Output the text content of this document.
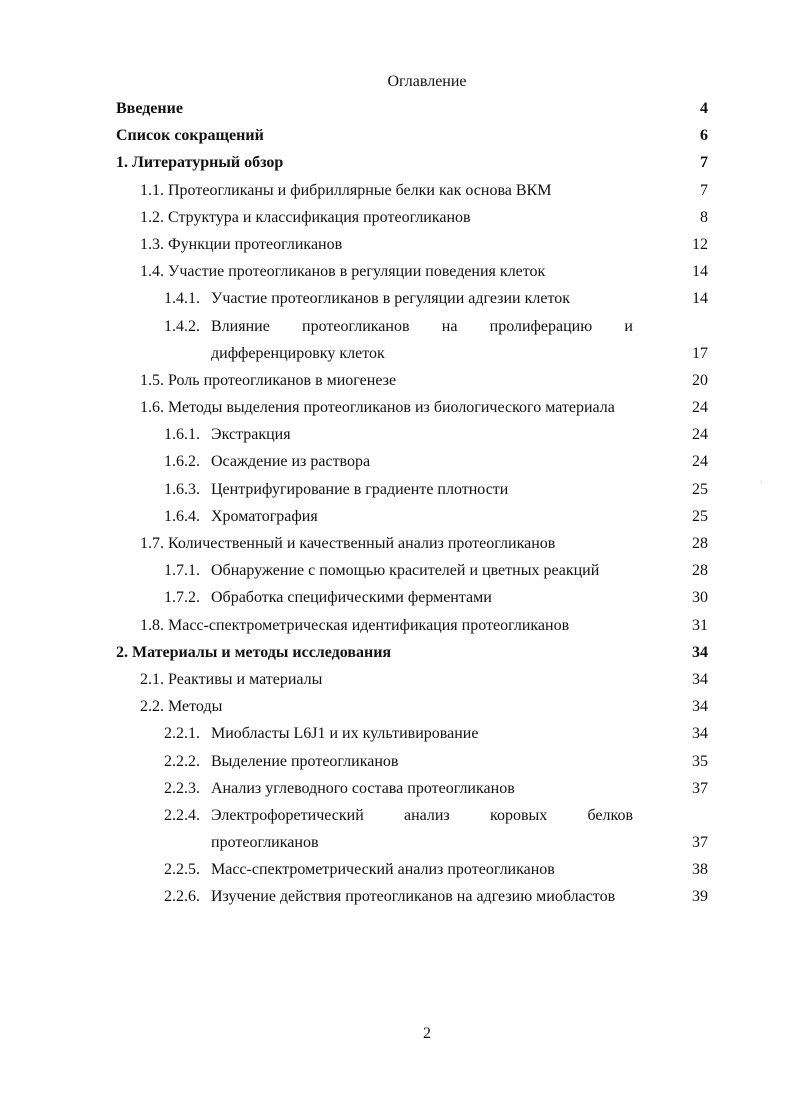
Оглавление
Введение	4
Список сокращений	6
1. Литературный обзор	7
1.1. Протеогликаны и фибриллярные белки как основа ВКМ	7
1.2. Структура и классификация протеогликанов	8
1.3. Функции протеогликанов	12
1.4. Участие протеогликанов в регуляции поведения клеток	14
1.4.1. Участие протеогликанов в регуляции адгезии клеток	14
1.4.2. Влияние протеогликанов на пролиферацию и
дифференцировку клеток	17
1.5. Роль протеогликанов в миогенезе	20
1.6. Методы выделения протеогликанов из биологического материала	24
1.6.1. Экстракция	24
1.6.2. Осаждение из раствора	24
1.6.3. Центрифугирование в градиенте плотности	25
1.6.4. Хроматография	25
1.7. Количественный и качественный анализ протеогликанов	28
1.7.1. Обнаружение с помощью красителей и цветных реакций	28
1.7.2. Обработка специфическими ферментами	30
1.8. Масс-спектрометрическая идентификация протеогликанов	31
2. Материалы и методы исследования	34
2.1. Реактивы и материалы	34
2.2. Методы	34
2.2.1. Миобласты L6J1 и их культивирование	34
2.2.2. Выделение протеогликанов	35
2.2.3. Анализ углеводного состава протеогликанов	37
2.2.4. Электрофоретический анализ коровых белков
протеогликанов	37
2.2.5. Масс-спектрометрический анализ протеогликанов	38
2.2.6. Изучение действия протеогликанов на адгезию миобластов	39
2
·
